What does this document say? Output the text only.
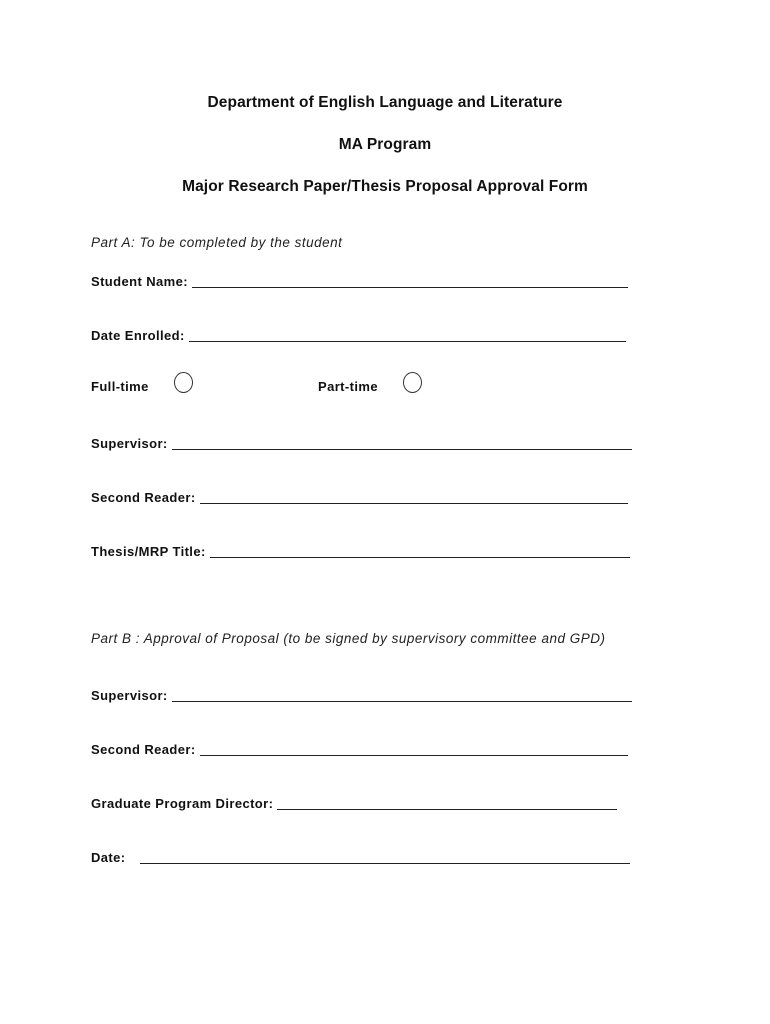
Department of English Language and Literature
MA Program
Major Research Paper/Thesis Proposal Approval Form
Part A: To be completed by the student
Student Name:
Date Enrolled:
Full-time	Part-time
Supervisor:
Second Reader:
Thesis/MRP Title:
Part B : Approval of Proposal (to be signed by supervisory committee and GPD)
Supervisor:
Second Reader:
Graduate Program Director:
Date:
